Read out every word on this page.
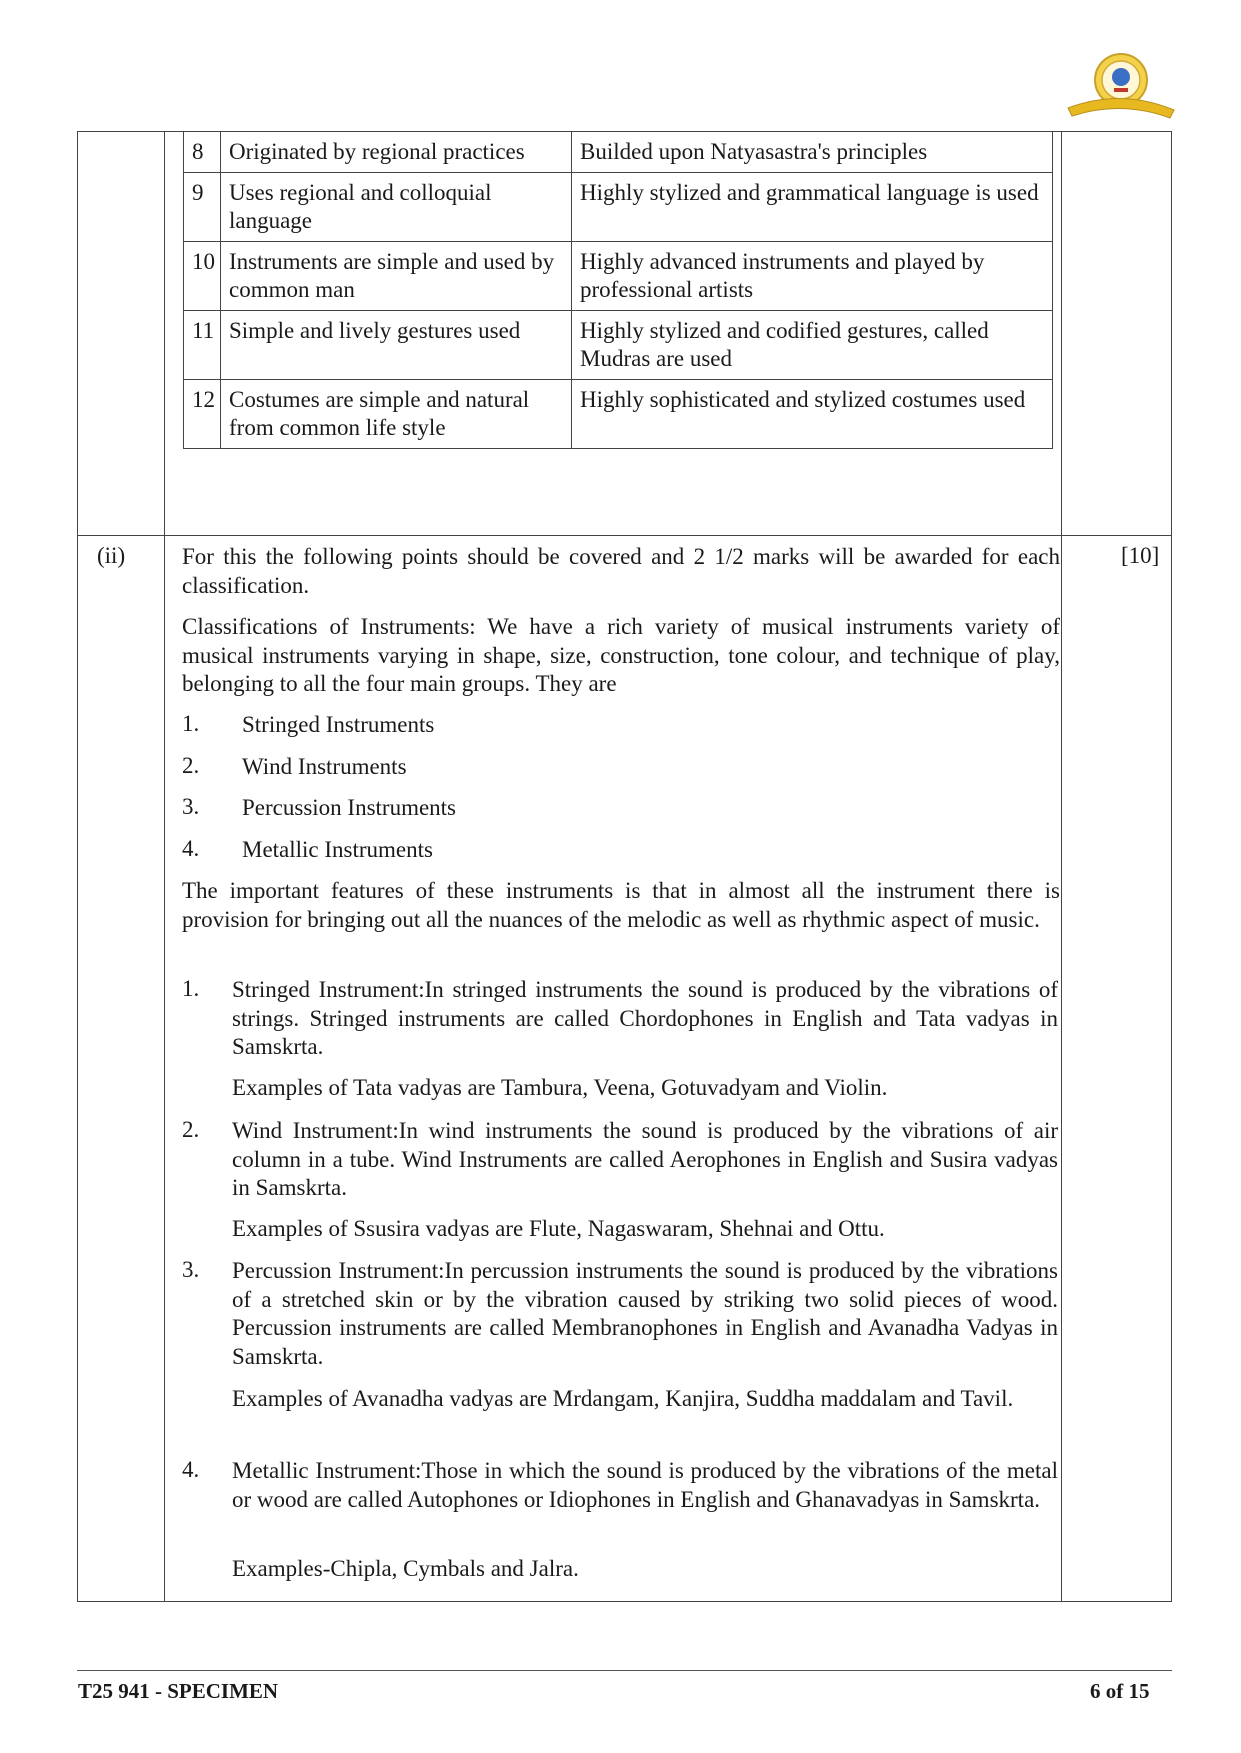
8	Originated by regional practices	Builded upon Natyasastra's principles
9	Uses regional and colloquial language	Highly stylized and grammatical language is used
10	Instruments are simple and used by common man	Highly advanced instruments and played by professional artists
11	Simple and lively gestures used	Highly stylized and codified gestures, called Mudras are used
12	Costumes are simple and natural from common life style	Highly sophisticated and stylized costumes used
(ii)	[10]
For this the following points should be covered and 2 1/2 marks will be awarded for each classification.
Classifications of Instruments: We have a rich variety of musical instruments variety of musical instruments varying in shape, size, construction, tone colour, and technique of play, belonging to all the four main groups. They are
1. Stringed Instruments
2. Wind Instruments
3. Percussion Instruments
4. Metallic Instruments
The important features of these instruments is that in almost all the instrument there is provision for bringing out all the nuances of the melodic as well as rhythmic aspect of music.
1. Stringed Instrument:In stringed instruments the sound is produced by the vibrations of strings. Stringed instruments are called Chordophones in English and Tata vadyas in Samskrta.
Examples of Tata vadyas are Tambura, Veena, Gotuvadyam and Violin.
2. Wind Instrument:In wind instruments the sound is produced by the vibrations of air column in a tube. Wind Instruments are called Aerophones in English and Susira vadyas in Samskrta.
Examples of Ssusira vadyas are Flute, Nagaswaram, Shehnai and Ottu.
3. Percussion Instrument:In percussion instruments the sound is produced by the vibrations of a stretched skin or by the vibration caused by striking two solid pieces of wood. Percussion instruments are called Membranophones in English and Avanadha Vadyas in Samskrta.
Examples of Avanadha vadyas are Mrdangam, Kanjira, Suddha maddalam and Tavil.
4. Metallic Instrument:Those in which the sound is produced by the vibrations of the metal or wood are called Autophones or Idiophones in English and Ghanavadyas in Samskrta.
Examples-Chipla, Cymbals and Jalra.
T25 941 - SPECIMEN	6 of 15
